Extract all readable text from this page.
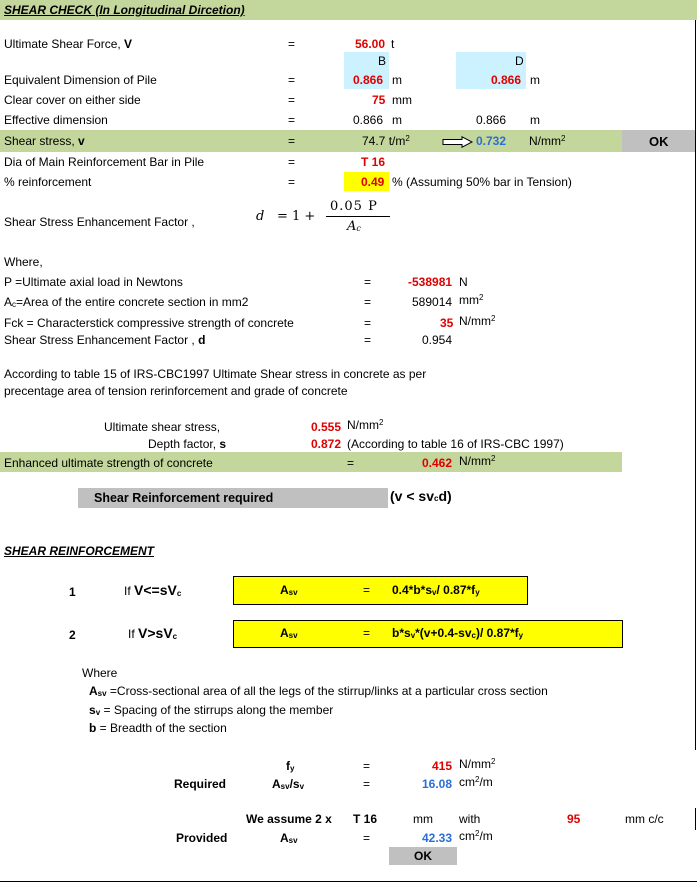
SHEAR CHECK (In Longitudinal Dircetion)
Ultimate Shear Force, V	=	56.00 t
B	D
Equivalent Dimension of Pile	=	0.866 m	0.866 m
Clear cover on either side	=	75 mm
Effective dimension	=	0.866 m	0.866 m
Shear stress, v	=	74.7 $t/m^2$	0.732 $N/mm^2$	OK
Dia of Main Reinforcement Bar in Pile	=	T 16
% reinforcement	=	0.49 % (Assuming 50% bar in Tension)
Shear Stress Enhancement Factor ,	d = 1 +
0.05 P
$A_c$
Where,
P =Ultimate axial load in Newtons	=	-538981 N
$A_c=Area$ of the entire concrete section in mm2	=	589014 $mm^2$
Fck = Characterstick compressive strength of concrete	=	35 $N/mm^2$
Shear Stress Enhancement Factor , d	=	0.954
According to table 15 of IRS-CBC1997 Ultimate Shear stress in concrete as per
precentage area of tension rerinforcement and grade of concrete
Ultimate shear stress,	0.555 $N/mm^2$
Depth factor, s	0.872 (According to table 16 of IRS-CBC 1997)
Enhanced ultimate strength of concrete	=	0.462 $N/mm^2$
Shear Reinforcement required	$(v < sv_cd)$
SHEAR REINFORCEMENT
1	If $V<=sV_c$	$A_{sv}$	= $0.4*b*s_v/$ $0.87*f_y$
2	If $V>sV_c$	$A_{sv}$	= $b*s_v*(v+0.4-sv_c)/$ $0.87*f_y$
Where
$A_{sv}$ =Cross-sectional area of all the legs of the stirrup/links at a particular cross section
$s_v$ = Spacing of the stirrups along the member
b = Breadth of the section
$f_y$	=	415 $N/mm^2$
Required	$A_{sv}/s_v$	=	16.08 $cm^2/m$
We assume 2 x T 16	mm with	95	mm c/c
Provided	$A_{sv}$	=	42.33 $cm^2/m$
OK
